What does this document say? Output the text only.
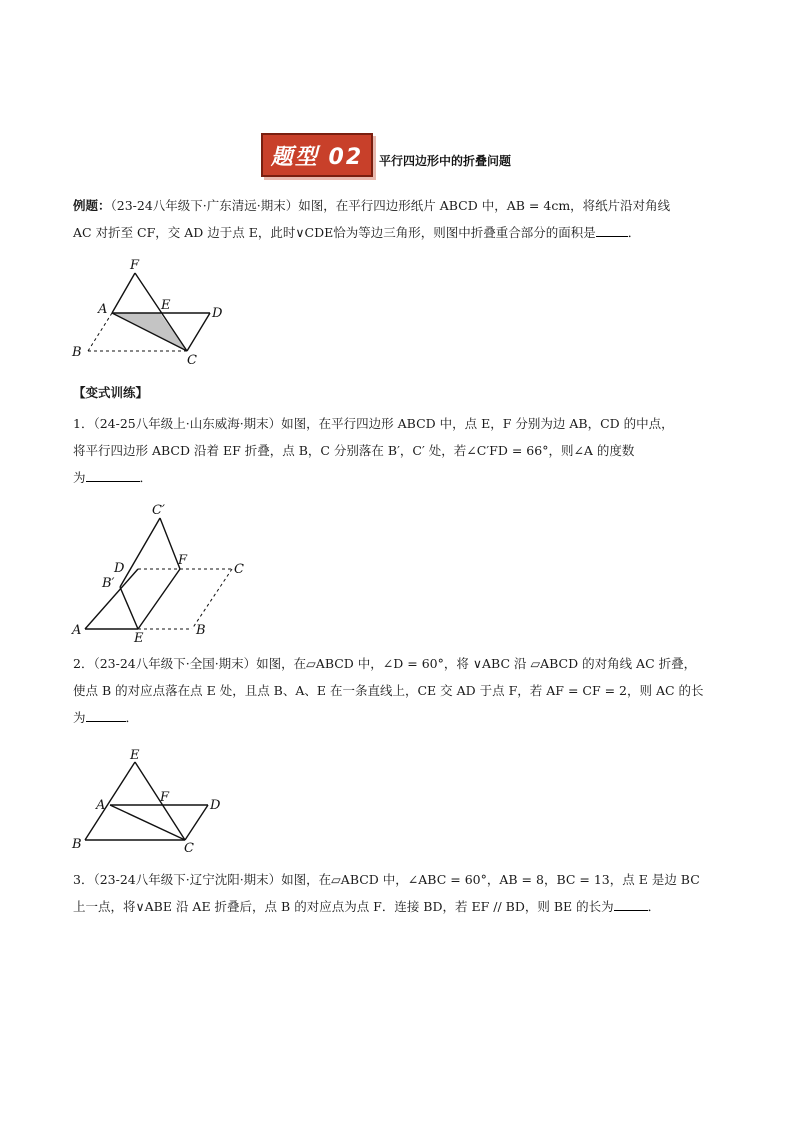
题型 02	平行四边形中的折叠问题

例题：（23-24八年级下·广东清远·期末）如图，在平行四边形纸片 ABCD 中，AB = 4cm，将纸片沿对角线
AC 对折至 CF，交 AD 边于点 E，此时∨CDE恰为等边三角形，则图中折叠重合部分的面积是	．

F
A	E
D
B
C
【变式训练】

1．（24-25八年级上·山东威海·期末）如图，在平行四边形 ABCD 中，点 E，F 分别为边 AB，CD 的中点，
将平行四边形 ABCD 沿着 EF 折叠，点 B，C 分别落在 B′，C′ 处，若∠C′FD = 66°，则∠A 的度数
为	．

C′
D
F
C
B′
A
E
B

2．（23-24八年级下·全国·期末）如图，在▱ABCD 中，∠D = 60°，将 ∨ABC 沿 ▱ABCD 的对角线 AC 折叠，
使点 B 的对应点落在点 E 处，且点 B、A、E 在一条直线上，CE 交 AD 于点 F，若 AF = CF = 2，则 AC 的长
为	．

E
A
F
D
B	C

3．（23-24八年级下·辽宁沈阳·期末）如图，在▱ABCD 中，∠ABC = 60°，AB = 8，BC = 13，点 E 是边 BC
上一点，将∨ABE 沿 AE 折叠后，点 B 的对应点为点 F．连接 BD，若 EF // BD，则 BE 的长为	．
